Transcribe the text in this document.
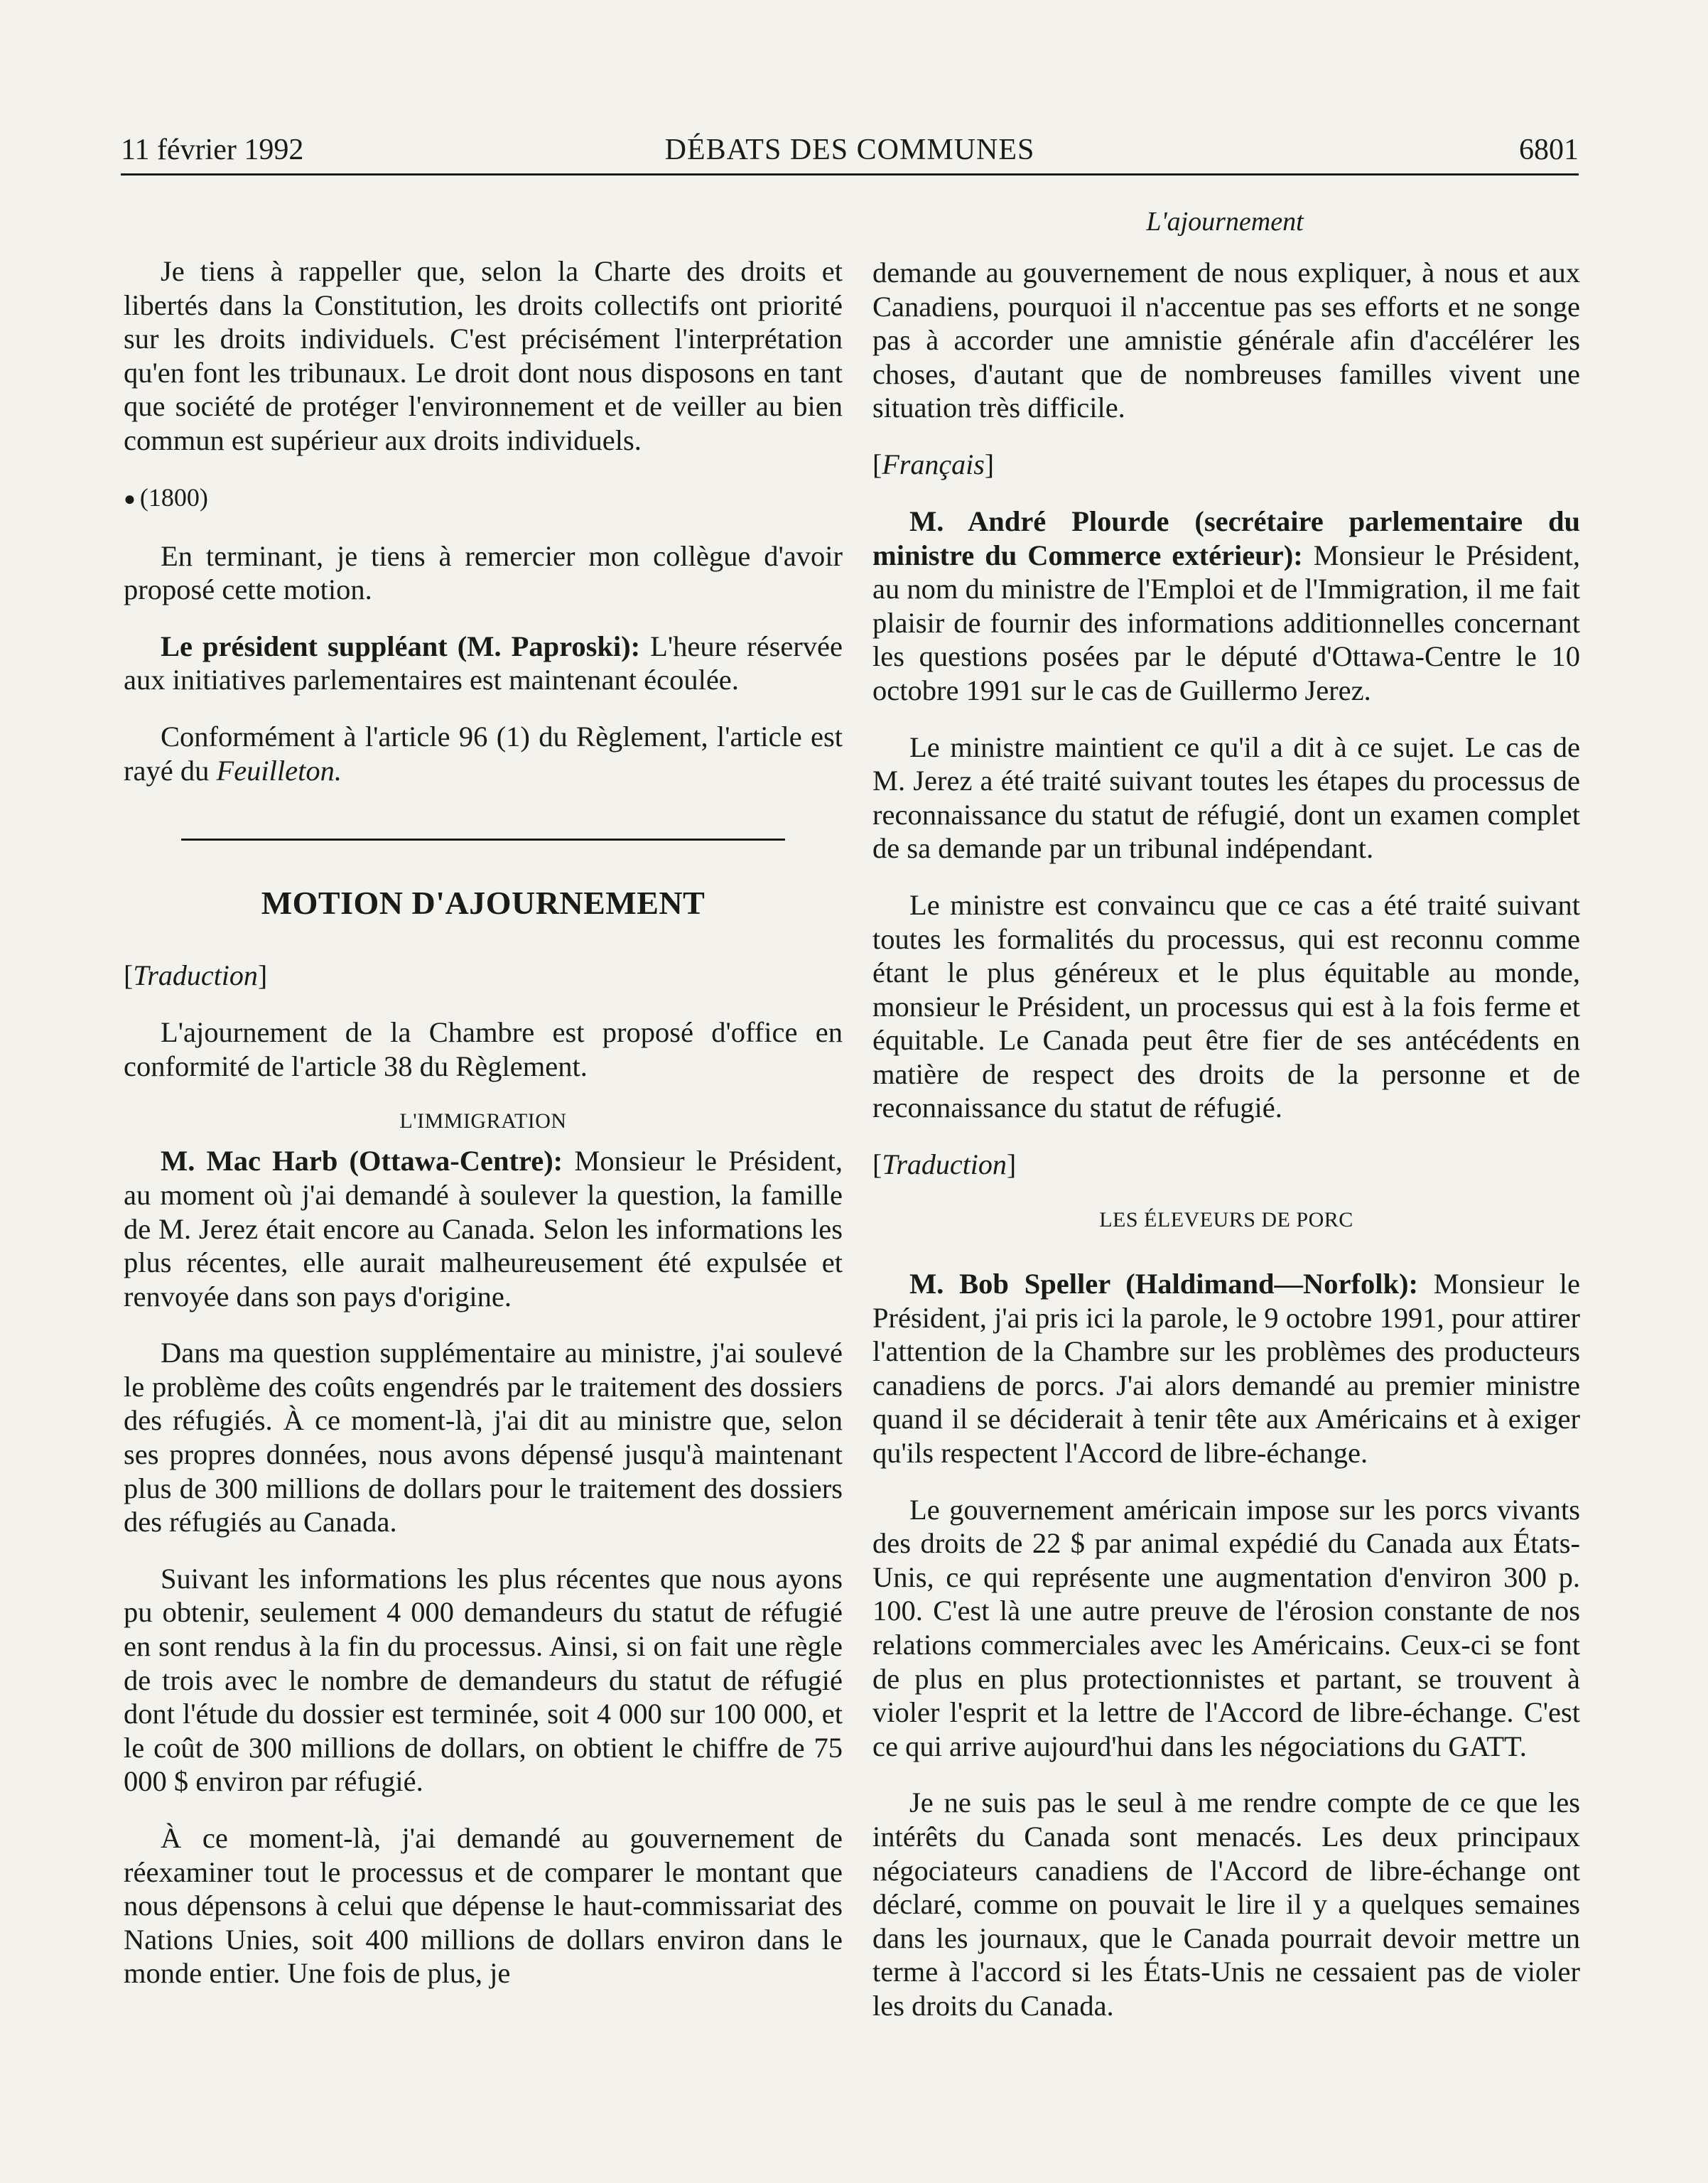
11 février 1992	DÉBATS DES COMMUNES	6801
L'ajournement

Je tiens à rappeller que, selon la Charte des droits et libertés dans la Constitution, les droits collectifs ont priorité sur les droits individuels. C'est précisément l'interprétation qu'en font les tribunaux. Le droit dont nous disposons en tant que société de protéger l'environnement et de veiller au bien commun est supérieur aux droits individuels.

● (1800)

En terminant, je tiens à remercier mon collègue d'avoir proposé cette motion.

Le président suppléant (M. Paproski): L'heure réservée aux initiatives parlementaires est maintenant écoulée.

Conformément à l'article 96 (1) du Règlement, l'article est rayé du Feuilleton.

MOTION D'AJOURNEMENT
[Traduction]

L'ajournement de la Chambre est proposé d'office en conformité de l'article 38 du Règlement.

L'IMMIGRATION

M. Mac Harb (Ottawa-Centre): Monsieur le Président, au moment où j'ai demandé à soulever la question, la famille de M. Jerez était encore au Canada. Selon les informations les plus récentes, elle aurait malheureusement été expulsée et renvoyée dans son pays d'origine.

Dans ma question supplémentaire au ministre, j'ai soulevé le problème des coûts engendrés par le traitement des dossiers des réfugiés. À ce moment-là, j'ai dit au ministre que, selon ses propres données, nous avons dépensé jusqu'à maintenant plus de 300 millions de dollars pour le traitement des dossiers des réfugiés au Canada.

Suivant les informations les plus récentes que nous ayons pu obtenir, seulement 4 000 demandeurs du statut de réfugié en sont rendus à la fin du processus. Ainsi, si on fait une règle de trois avec le nombre de demandeurs du statut de réfugié dont l'étude du dossier est terminée, soit 4 000 sur 100 000, et le coût de 300 millions de dollars, on obtient le chiffre de 75 000 $ environ par réfugié.

À ce moment-là, j'ai demandé au gouvernement de réexaminer tout le processus et de comparer le montant que nous dépensons à celui que dépense le haut-commissariat des Nations Unies, soit 400 millions de dollars environ dans le monde entier. Une fois de plus, je

demande au gouvernement de nous expliquer, à nous et aux Canadiens, pourquoi il n'accentue pas ses efforts et ne songe pas à accorder une amnistie générale afin d'accélérer les choses, d'autant que de nombreuses familles vivent une situation très difficile.

[Français]

M. André Plourde (secrétaire parlementaire du ministre du Commerce extérieur): Monsieur le Président, au nom du ministre de l'Emploi et de l'Immigration, il me fait plaisir de fournir des informations additionnelles concernant les questions posées par le député d'Ottawa-Centre le 10 octobre 1991 sur le cas de Guillermo Jerez.

Le ministre maintient ce qu'il a dit à ce sujet. Le cas de M. Jerez a été traité suivant toutes les étapes du processus de reconnaissance du statut de réfugié, dont un examen complet de sa demande par un tribunal indépendant.

Le ministre est convaincu que ce cas a été traité suivant toutes les formalités du processus, qui est reconnu comme étant le plus généreux et le plus équitable au monde, monsieur le Président, un processus qui est à la fois ferme et équitable. Le Canada peut être fier de ses antécédents en matière de respect des droits de la personne et de reconnaissance du statut de réfugié.

[Traduction]
LES ÉLEVEURS DE PORC

M. Bob Speller (Haldimand—Norfolk): Monsieur le Président, j'ai pris ici la parole, le 9 octobre 1991, pour attirer l'attention de la Chambre sur les problèmes des producteurs canadiens de porcs. J'ai alors demandé au premier ministre quand il se déciderait à tenir tête aux Américains et à exiger qu'ils respectent l'Accord de libre-échange.

Le gouvernement américain impose sur les porcs vivants des droits de 22 $ par animal expédié du Canada aux États-Unis, ce qui représente une augmentation d'environ 300 p. 100. C'est là une autre preuve de l'érosion constante de nos relations commerciales avec les Américains. Ceux-ci se font de plus en plus protectionnistes et partant, se trouvent à violer l'esprit et la lettre de l'Accord de libre-échange. C'est ce qui arrive aujourd'hui dans les négociations du GATT.

Je ne suis pas le seul à me rendre compte de ce que les intérêts du Canada sont menacés. Les deux principaux négociateurs canadiens de l'Accord de libre-échange ont déclaré, comme on pouvait le lire il y a quelques semaines dans les journaux, que le Canada pourrait devoir mettre un terme à l'accord si les États-Unis ne cessaient pas de violer les droits du Canada.
